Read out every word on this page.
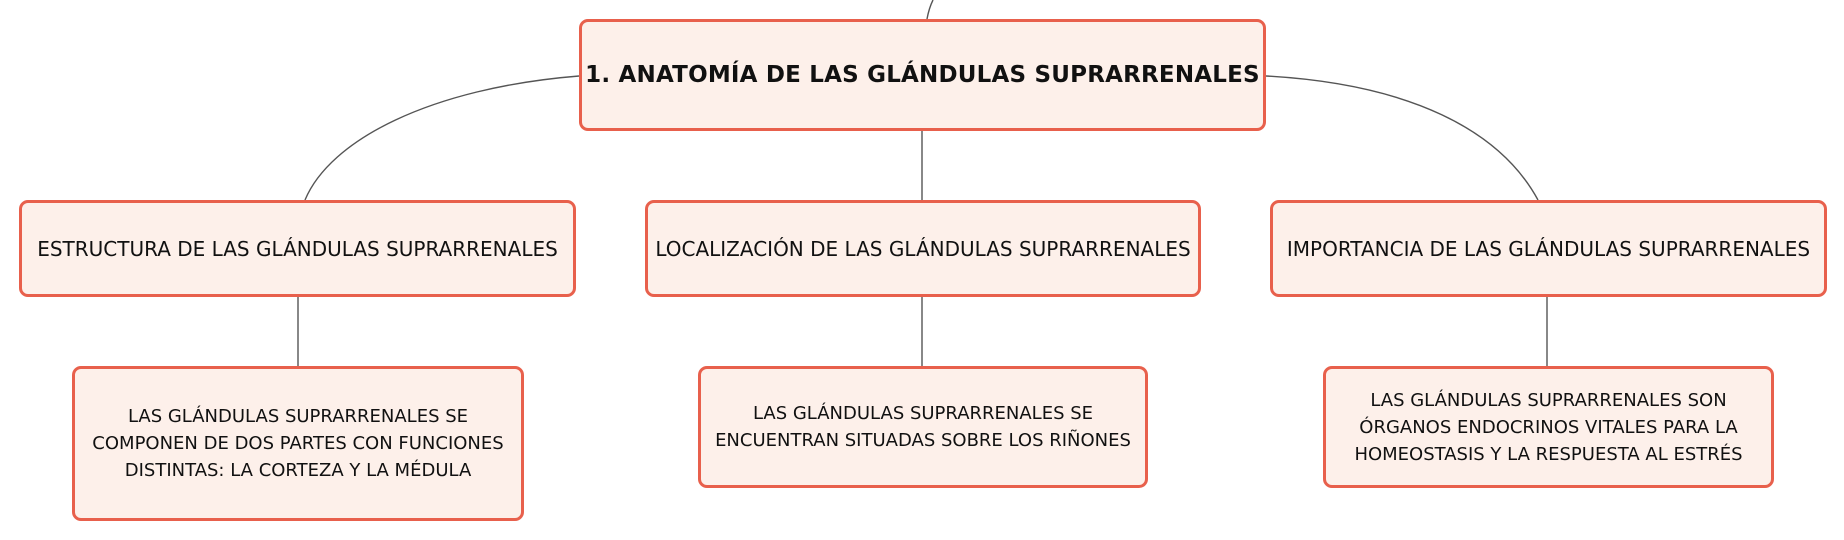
1. ANATOMÍA DE LAS GLÁNDULAS SUPRARRENALES
ESTRUCTURA DE LAS GLÁNDULAS SUPRARRENALES	LOCALIZACIÓN DE LAS GLÁNDULAS SUPRARRENALES	IMPORTANCIA DE LAS GLÁNDULAS SUPRARRENALES
LAS GLÁNDULAS SUPRARRENALES SE COMPONEN DE DOS PARTES CON FUNCIONES DISTINTAS: LA CORTEZA Y LA MÉDULA
LAS GLÁNDULAS SUPRARRENALES SE ENCUENTRAN SITUADAS SOBRE LOS RIÑONES
LAS GLÁNDULAS SUPRARRENALES SON ÓRGANOS ENDOCRINOS VITALES PARA LA HOMEOSTASIS Y LA RESPUESTA AL ESTRÉS
